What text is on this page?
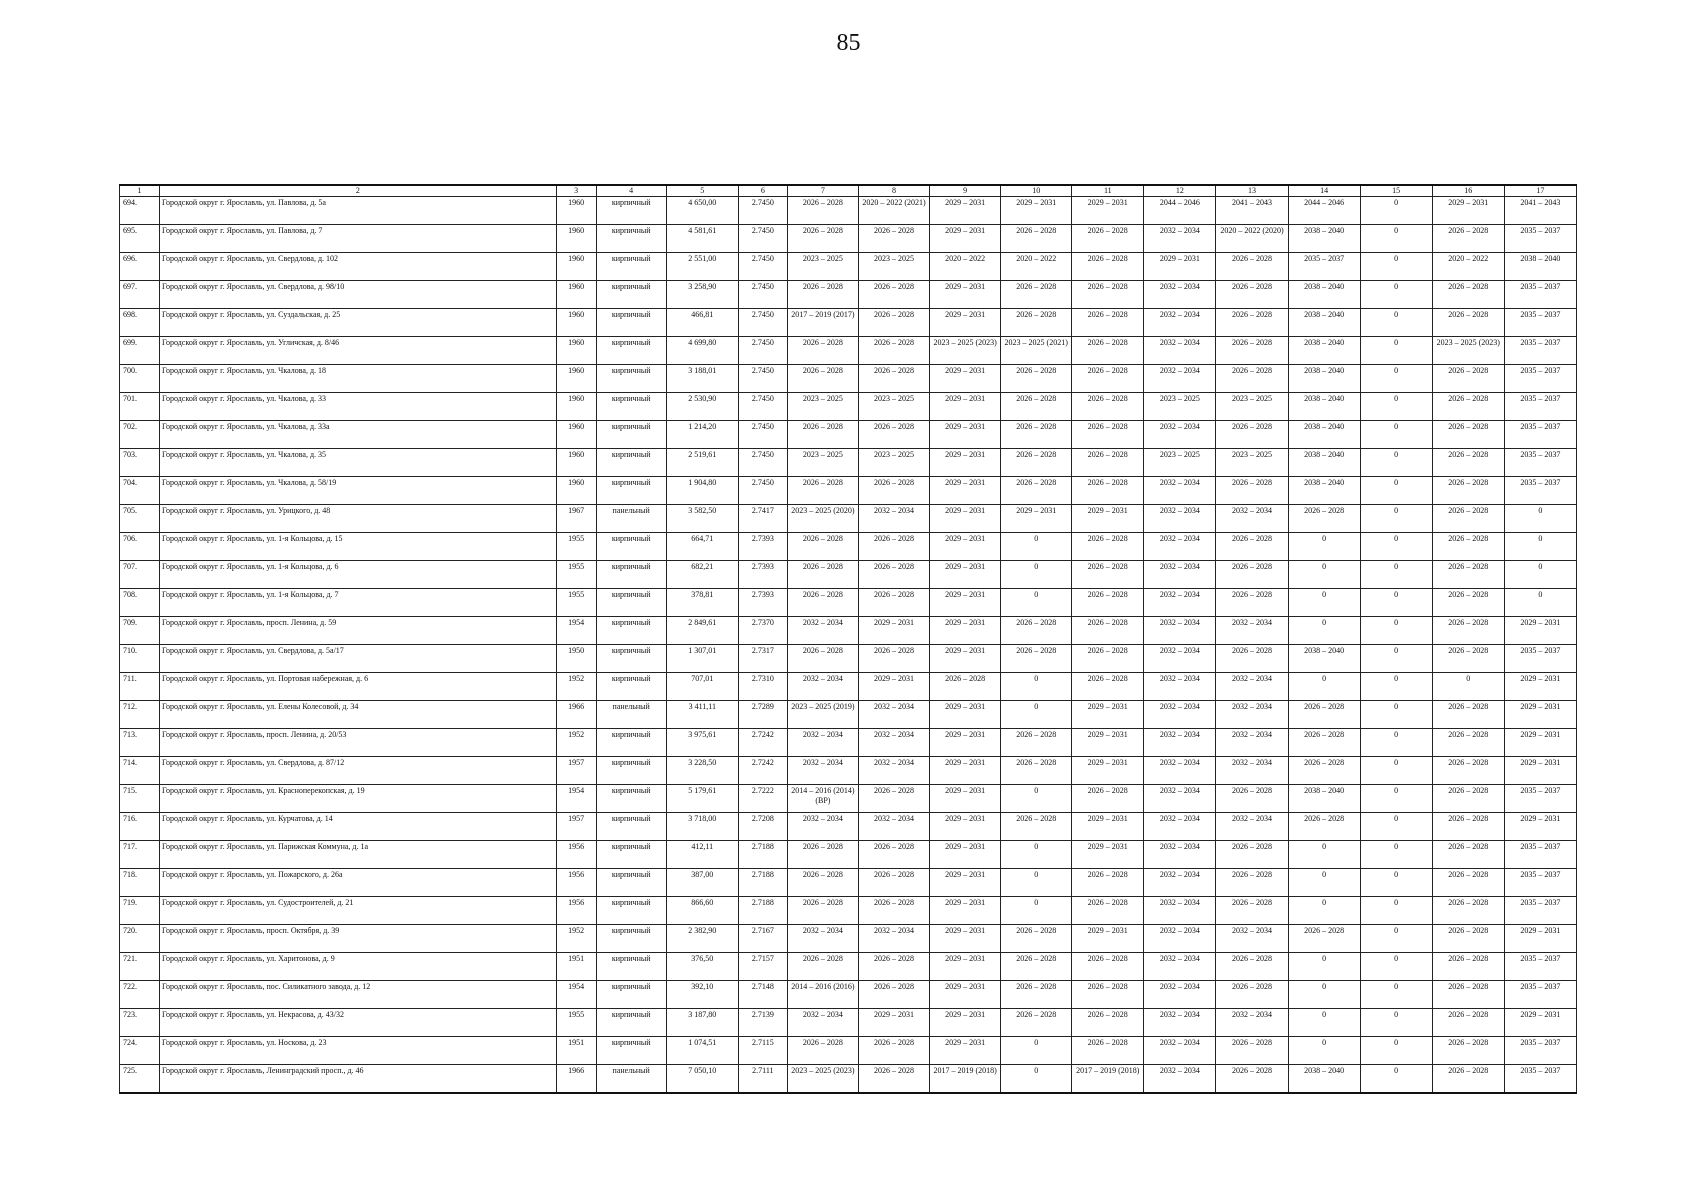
85
1	2	3	4	5	6	7	8	9	10	11	12	13	14	15	16	17
694.	Городской округ г. Ярославль, ул. Павлова, д. 5а	1960	кирпичный	4 650,00	2.7450	2026 – 2028	2020 – 2022 (2021)	2029 – 2031	2029 – 2031	2029 – 2031	2044 – 2046	2041 – 2043	2044 – 2046	0	2029 – 2031	2041 – 2043
695.	Городской округ г. Ярославль, ул. Павлова, д. 7	1960	кирпичный	4 581,61	2.7450	2026 – 2028	2026 – 2028	2029 – 2031	2026 – 2028	2026 – 2028	2032 – 2034	2020 – 2022 (2020)	2038 – 2040	0	2026 – 2028	2035 – 2037
696.	Городской округ г. Ярославль, ул. Свердлова, д. 102	1960	кирпичный	2 551,00	2.7450	2023 – 2025	2023 – 2025	2020 – 2022	2020 – 2022	2026 – 2028	2029 – 2031	2026 – 2028	2035 – 2037	0	2020 – 2022	2038 – 2040
697.	Городской округ г. Ярославль, ул. Свердлова, д. 98/10	1960	кирпичный	3 258,90	2.7450	2026 – 2028	2026 – 2028	2029 – 2031	2026 – 2028	2026 – 2028	2032 – 2034	2026 – 2028	2038 – 2040	0	2026 – 2028	2035 – 2037
698.	Городской округ г. Ярославль, ул. Суздальская, д. 25	1960	кирпичный	466,81	2.7450	2017 – 2019 (2017)	2026 – 2028	2029 – 2031	2026 – 2028	2026 – 2028	2032 – 2034	2026 – 2028	2038 – 2040	0	2026 – 2028	2035 – 2037
699.	Городской округ г. Ярославль, ул. Угличская, д. 8/46	1960	кирпичный	4 699,80	2.7450	2026 – 2028	2026 – 2028	2023 – 2025 (2023)	2023 – 2025 (2021)	2026 – 2028	2032 – 2034	2026 – 2028	2038 – 2040	0	2023 – 2025 (2023)	2035 – 2037
700.	Городской округ г. Ярославль, ул. Чкалова, д. 18	1960	кирпичный	3 188,01	2.7450	2026 – 2028	2026 – 2028	2029 – 2031	2026 – 2028	2026 – 2028	2032 – 2034	2026 – 2028	2038 – 2040	0	2026 – 2028	2035 – 2037
701.	Городской округ г. Ярославль, ул. Чкалова, д. 33	1960	кирпичный	2 530,90	2.7450	2023 – 2025	2023 – 2025	2029 – 2031	2026 – 2028	2026 – 2028	2023 – 2025	2023 – 2025	2038 – 2040	0	2026 – 2028	2035 – 2037
702.	Городской округ г. Ярославль, ул. Чкалова, д. 33а	1960	кирпичный	1 214,20	2.7450	2026 – 2028	2026 – 2028	2029 – 2031	2026 – 2028	2026 – 2028	2032 – 2034	2026 – 2028	2038 – 2040	0	2026 – 2028	2035 – 2037
703.	Городской округ г. Ярославль, ул. Чкалова, д. 35	1960	кирпичный	2 519,61	2.7450	2023 – 2025	2023 – 2025	2029 – 2031	2026 – 2028	2026 – 2028	2023 – 2025	2023 – 2025	2038 – 2040	0	2026 – 2028	2035 – 2037
704.	Городской округ г. Ярославль, ул. Чкалова, д. 58/19	1960	кирпичный	1 904,80	2.7450	2026 – 2028	2026 – 2028	2029 – 2031	2026 – 2028	2026 – 2028	2032 – 2034	2026 – 2028	2038 – 2040	0	2026 – 2028	2035 – 2037
705.	Городской округ г. Ярославль, ул. Урицкого, д. 48	1967	панельный	3 582,50	2.7417	2023 – 2025 (2020)	2032 – 2034	2029 – 2031	2029 – 2031	2029 – 2031	2032 – 2034	2032 – 2034	2026 – 2028	0	2026 – 2028	0
706.	Городской округ г. Ярославль, ул. 1-я Кольцова, д. 15	1955	кирпичный	664,71	2.7393	2026 – 2028	2026 – 2028	2029 – 2031	0	2026 – 2028	2032 – 2034	2026 – 2028	0	0	2026 – 2028	0
707.	Городской округ г. Ярославль, ул. 1-я Кольцова, д. 6	1955	кирпичный	682,21	2.7393	2026 – 2028	2026 – 2028	2029 – 2031	0	2026 – 2028	2032 – 2034	2026 – 2028	0	0	2026 – 2028	0
708.	Городской округ г. Ярославль, ул. 1-я Кольцова, д. 7	1955	кирпичный	378,81	2.7393	2026 – 2028	2026 – 2028	2029 – 2031	0	2026 – 2028	2032 – 2034	2026 – 2028	0	0	2026 – 2028	0
709.	Городской округ г. Ярославль, просп. Ленина, д. 59	1954	кирпичный	2 849,61	2.7370	2032 – 2034	2029 – 2031	2029 – 2031	2026 – 2028	2026 – 2028	2032 – 2034	2032 – 2034	0	0	2026 – 2028	2029 – 2031
710.	Городской округ г. Ярославль, ул. Свердлова, д. 5а/17	1950	кирпичный	1 307,01	2.7317	2026 – 2028	2026 – 2028	2029 – 2031	2026 – 2028	2026 – 2028	2032 – 2034	2026 – 2028	2038 – 2040	0	2026 – 2028	2035 – 2037
711.	Городской округ г. Ярославль, ул. Портовая набережная, д. 6	1952	кирпичный	707,01	2.7310	2032 – 2034	2029 – 2031	2026 – 2028	0	2026 – 2028	2032 – 2034	2032 – 2034	0	0	0	2029 – 2031
712.	Городской округ г. Ярославль, ул. Елены Колесовой, д. 34	1966	панельный	3 411,11	2.7289	2023 – 2025 (2019)	2032 – 2034	2029 – 2031	0	2029 – 2031	2032 – 2034	2032 – 2034	2026 – 2028	0	2026 – 2028	2029 – 2031
713.	Городской округ г. Ярославль, просп. Ленина, д. 20/53	1952	кирпичный	3 975,61	2.7242	2032 – 2034	2032 – 2034	2029 – 2031	2026 – 2028	2029 – 2031	2032 – 2034	2032 – 2034	2026 – 2028	0	2026 – 2028	2029 – 2031
714.	Городской округ г. Ярославль, ул. Свердлова, д. 87/12	1957	кирпичный	3 228,50	2.7242	2032 – 2034	2032 – 2034	2029 – 2031	2026 – 2028	2029 – 2031	2032 – 2034	2032 – 2034	2026 – 2028	0	2026 – 2028	2029 – 2031
715.	Городской округ г. Ярославль, ул. Красноперекопская, д. 19	1954	кирпичный	5 179,61	2.7222	2014 – 2016 (2014) (ВР)	2026 – 2028	2029 – 2031	0	2026 – 2028	2032 – 2034	2026 – 2028	2038 – 2040	0	2026 – 2028	2035 – 2037
716.	Городской округ г. Ярославль, ул. Курчатова, д. 14	1957	кирпичный	3 718,00	2.7208	2032 – 2034	2032 – 2034	2029 – 2031	2026 – 2028	2029 – 2031	2032 – 2034	2032 – 2034	2026 – 2028	0	2026 – 2028	2029 – 2031
717.	Городской округ г. Ярославль, ул. Парижская Коммуна, д. 1а	1956	кирпичный	412,11	2.7188	2026 – 2028	2026 – 2028	2029 – 2031	0	2029 – 2031	2032 – 2034	2026 – 2028	0	0	2026 – 2028	2035 – 2037
718.	Городской округ г. Ярославль, ул. Пожарского, д. 26а	1956	кирпичный	387,00	2.7188	2026 – 2028	2026 – 2028	2029 – 2031	0	2026 – 2028	2032 – 2034	2026 – 2028	0	0	2026 – 2028	2035 – 2037
719.	Городской округ г. Ярославль, ул. Судостроителей, д. 21	1956	кирпичный	866,60	2.7188	2026 – 2028	2026 – 2028	2029 – 2031	0	2026 – 2028	2032 – 2034	2026 – 2028	0	0	2026 – 2028	2035 – 2037
720.	Городской округ г. Ярославль, просп. Октября, д. 39	1952	кирпичный	2 382,90	2.7167	2032 – 2034	2032 – 2034	2029 – 2031	2026 – 2028	2029 – 2031	2032 – 2034	2032 – 2034	2026 – 2028	0	2026 – 2028	2029 – 2031
721.	Городской округ г. Ярославль, ул. Харитонова, д. 9	1951	кирпичный	376,50	2.7157	2026 – 2028	2026 – 2028	2029 – 2031	2026 – 2028	2026 – 2028	2032 – 2034	2026 – 2028	0	0	2026 – 2028	2035 – 2037
722.	Городской округ г. Ярославль, пос. Силикатного завода, д. 12	1954	кирпичный	392,10	2.7148	2014 – 2016 (2016)	2026 – 2028	2029 – 2031	2026 – 2028	2026 – 2028	2032 – 2034	2026 – 2028	0	0	2026 – 2028	2035 – 2037
723.	Городской округ г. Ярославль, ул. Некрасова, д. 43/32	1955	кирпичный	3 187,80	2.7139	2032 – 2034	2029 – 2031	2029 – 2031	2026 – 2028	2026 – 2028	2032 – 2034	2032 – 2034	0	0	2026 – 2028	2029 – 2031
724.	Городской округ г. Ярославль, ул. Носкова, д. 23	1951	кирпичный	1 074,51	2.7115	2026 – 2028	2026 – 2028	2029 – 2031	0	2026 – 2028	2032 – 2034	2026 – 2028	0	0	2026 – 2028	2035 – 2037
725.	Городской округ г. Ярославль, Ленинградский просп., д. 46	1966	панельный	7 050,10	2.7111	2023 – 2025 (2023)	2026 – 2028	2017 – 2019 (2018)	0	2017 – 2019 (2018)	2032 – 2034	2026 – 2028	2038 – 2040	0	2026 – 2028	2035 – 2037
